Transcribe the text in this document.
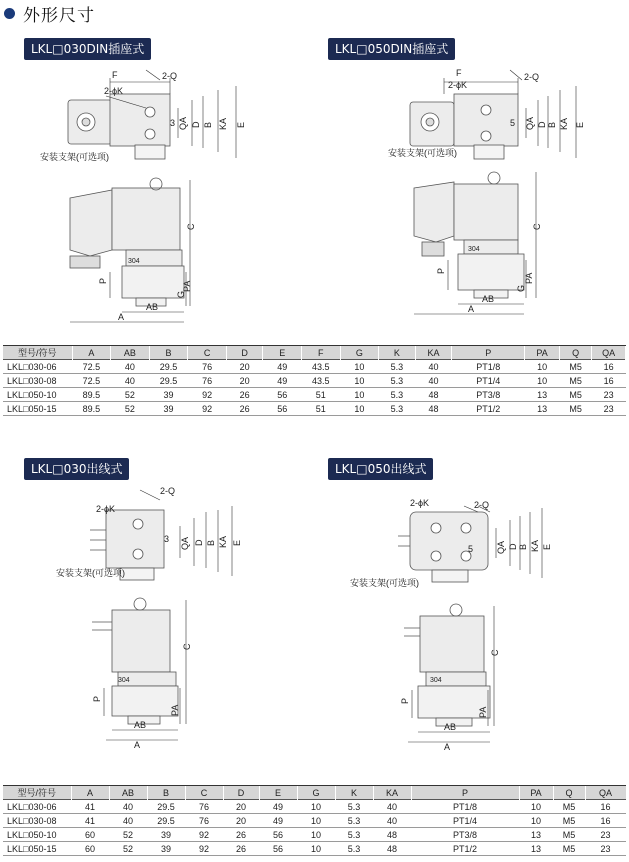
外形尺寸
LKL□030DIN插座式	LKL□050DIN插座式
LKL□030出线式	LKL□050出线式
F	2-Q
2-ϕK
3 QA D B KA E
安装支架(可选项)
304
C
P
G
PA
AB
A
F	2-Q
2-ϕK
5 QA D B KA E
安装支架(可选项)
304
C
P
G
PA
AB
A
型号/符号	A	AB	B	C	D	E	F	G	K	KA	P	PA	Q	QA
LKL□030-06	72.5	40	29.5	76	20	49	43.5	10	5.3	40	PT1/8	10	M5	16
LKL□030-08	72.5	40	29.5	76	20	49	43.5	10	5.3	40	PT1/4	10	M5	16
LKL□050-10	89.5	52	39	92	26	56	51	10	5.3	48	PT3/8	13	M5	23
LKL□050-15	89.5	52	39	92	26	56	51	10	5.3	48	PT1/2	13	M5	23
2-Q
2-ϕK
3 QA D B KA E
安装支架(可选项)
304
C
P
PA
AB
A
2-ϕK	2-Q
5	QA D B KA E
安装支架(可选项)
304
C
P
PA
AB
A
型号/符号	A	AB	B	C	D	E	G	K	KA	P	PA	Q	QA
LKL□030-06	41	40	29.5	76	20	49	10	5.3	40	PT1/8	10	M5	16
LKL□030-08	41	40	29.5	76	20	49	10	5.3	40	PT1/4	10	M5	16
LKL□050-10	60	52	39	92	26	56	10	5.3	48	PT3/8	13	M5	23
LKL□050-15	60	52	39	92	26	56	10	5.3	48	PT1/2	13	M5	23
